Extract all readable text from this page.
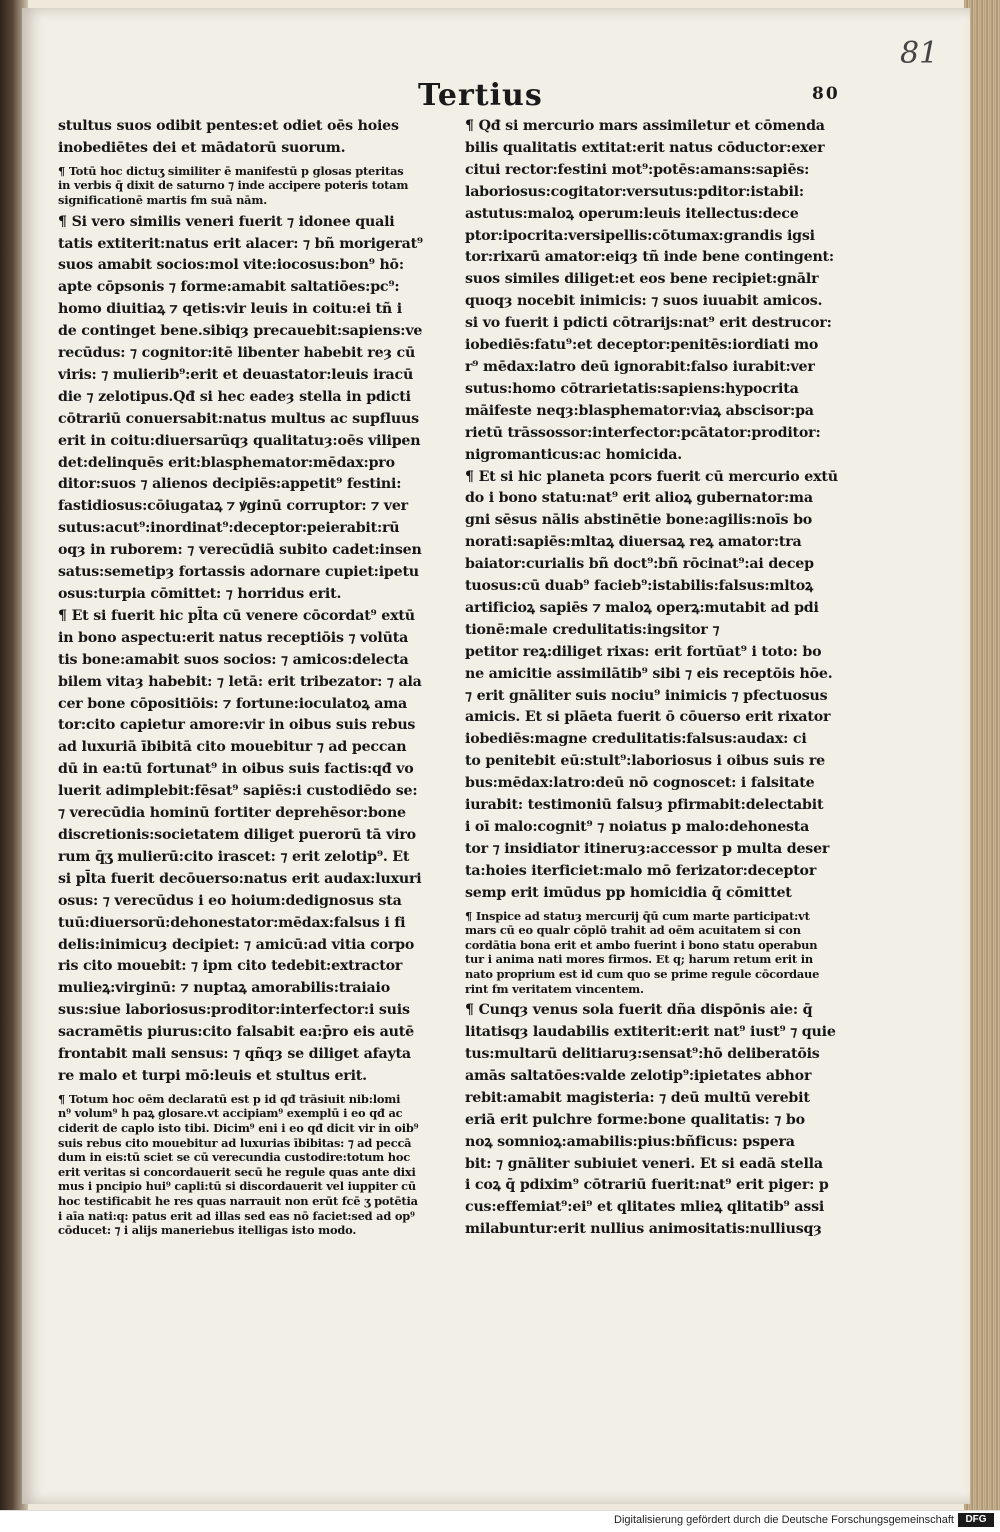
81
Tertius	80
stultus suos odibit pentes:et odiet oēs hoies
inobediētes dei et mādatorū suorum.
¶ Totū hoc dictuʒ similiter ē manifestū p glosas pteritas
in verbis q̄ dixit de saturno ⁊ inde accipere poteris totam
significationē martis fm suā nām.
¶ Si vero similis veneri fuerit ⁊ idonee quali
tatis extiterit:natus erit alacer: ⁊ bñ morigerat⁹
suos amabit socios:mol vite:iocosus:bon⁹ hō:
apte cōpsonis ⁊ forme:amabit saltatiōes:pc⁹:
homo diuitiaꝝ ⁊ qetis:vir leuis in coitu:ei tñ i
de continget bene.sibiqȝ precauebit:sapiens:ve
recūdus: ⁊ cognitor:itē libenter habebit reȝ cū
viris: ⁊ mulierib⁹:erit et deuastator:leuis iracū
die ⁊ zelotipus.Qđ si hec eadeȝ stella in pdicti
cōtrariū conuersabit:natus multus ac supfluus
erit in coitu:diuersarūqȝ qualitatuȝ:oēs vilipen
det:delinquēs erit:blasphemator:mēdax:pro
ditor:suos ⁊ alienos decipiēs:appetit⁹ festini:
fastidiosus:cōiugataꝝ ⁊ ꝟginū corruptor: ⁊ ver
sutus:acut⁹:inordinat⁹:deceptor:peierabit:rū
oqȝ in ruborem: ⁊ verecūdiā subito cadet:insen
satus:semetipȝ fortassis adornare cupiet:ipetu
osus:turpia cōmittet: ⁊ horridus erit.
¶ Et si fuerit hic pl̄ta cū venere cōcordat⁹ extū
in bono aspectu:erit natus receptiōis ⁊ volūta
tis bone:amabit suos socios: ⁊ amicos:delecta
bilem vitaȝ habebit: ⁊ letā: erit tribezator: ⁊ ala
cer bone cōpositiōis: ⁊ fortune:ioculatoꝝ ama
tor:cito capietur amore:vir in oibus suis rebus
ad luxuriā ībibitā cito mouebitur ⁊ ad peccan
dū in ea:tū fortunat⁹ in oibus suis factis:qđ vo
luerit adimplebit:fēsat⁹ sapiēs:i custodiēdo se:
⁊ verecūdia hominū fortiter deprehēsor:bone
discretionis:societatem diliget puerorū tā viro
rum q̄ʒ mulierū:cito irascet: ⁊ erit zelotip⁹. Et
si pl̄ta fuerit decōuerso:natus erit audax:luxuri
osus: ⁊ verecūdus i eo hoium:dedignosus sta
tuū:diuersorū:dehonestator:mēdax:falsus i fi
delis:inimicuȝ decipiet: ⁊ amicū:ad vitia corpo
ris cito mouebit: ⁊ ipm cito tedebit:extractor
mulieꝝ:virginū: ⁊ nuptaꝝ amorabilis:traiaio
sus:siue laboriosus:proditor:interfector:i suis
sacramētis piurus:cito falsabit ea:p̄ro eis autē
frontabit mali sensus: ⁊ qñqȝ se diliget afayta
re malo et turpi mō:leuis et stultus erit.
¶ Totum hoc oēm declaratū est p id qđ trāsiuit nib:lomi
n⁹ volum⁹ h paꝝ glosare.vt accipiam⁹ exemplū i eo qđ ac
ciderit de caplo isto tibi. Dicim⁹ eni i eo qđ dicit vir in oib⁹
suis rebus cito mouebitur ad luxurias ībibitas: ⁊ ad peccā
dum in eis:tū sciet se cū verecundia custodire:totum hoc
erit veritas si concordauerit secū he regule quas ante dixi
mus i pncipio hui⁹ capli:tū si discordauerit vel iuppiter cū
hoc testificabit he res quas narrauit non erūt fcē ʒ potētia
i aīa nati:q: patus erit ad illas sed eas nō faciet:sed ad op⁹
cōducet: ⁊ i alijs maneriebus itelligas isto modo.
¶ Qđ si mercurio mars assimiletur et cōmenda
bilis qualitatis extitat:erit natus cōductor:exer
citui rector:festini mot⁹:potēs:amans:sapiēs:
laboriosus:cogitator:versutus:pditor:istabil:
astutus:maloꝝ operum:leuis itellectus:dece
ptor:ipocrita:versipellis:cōtumax:grandis igsi
tor:rixarū amator:eiqȝ tñ inde bene contingent:
suos similes diliget:et eos bene recipiet:gnālr
quoqȝ nocebit inimicis: ⁊ suos iuuabit amicos.
si vo fuerit i pdicti cōtrarijs:nat⁹ erit destrucor:
iobediēs:fatu⁹:et deceptor:penitēs:iordiati mo
r⁹ mēdax:latro deū ignorabit:falso iurabit:ver
sutus:homo cōtrarietatis:sapiens:hypocrita
māifeste neqȝ:blasphemator:viaꝝ abscisor:pa
rietū trāssossor:interfector:pcātator:proditor:
nigromanticus:ac homicida.
¶ Et si hic planeta pcors fuerit cū mercurio extū
do i bono statu:nat⁹ erit alioꝝ gubernator:ma
gni sēsus nālis abstinētie bone:agilis:noīs bo
norati:sapiēs:mltaꝝ diuersaꝝ reꝝ amator:tra
baiator:curialis bñ doct⁹:bñ rōcinat⁹:ai decep
tuosus:cū duab⁹ facieb⁹:istabilis:falsus:mltoꝝ
artificioꝝ sapiēs ⁊ maloꝝ operꝝ:mutabit ad pdi
tionē:male credulitatis:ingsitor ⁊
petitor reꝝ:diliget rixas: erit fortūat⁹ i toto: bo
ne amicitie assimilātib⁹ sibi ⁊ eis receptōis hōe.
⁊ erit gnāliter suis nociu⁹ inimicis ⁊ pfectuosus
amicis. Et si plāeta fuerit ō cōuerso erit rixator
iobediēs:magne credulitatis:falsus:audax: ci
to penitebit eū:stult⁹:laboriosus i oibus suis re
bus:mēdax:latro:deū nō cognoscet: i falsitate
iurabit: testimoniū falsuȝ pfirmabit:delectabit
i oī malo:cognit⁹ ⁊ noiatus p malo:dehonesta
tor ⁊ insidiator itineruȝ:accessor p multa deser
ta:hoies iterficiet:malo mō ferizator:deceptor
semp erit imūdus pp homicidia q̄ cōmittet
¶ Inspice ad statuȝ mercurij q̄ū cum marte participat:vt
mars cū eo qualr cōplō trahit ad oēm acuitatem si con
cordātia bona erit et ambo fuerint i bono statu operabun
tur i anima nati mores firmos. Et q; harum retum erit in
nato proprium est id cum quo se prime regule cōcordaue
rint fm veritatem vincentem.
¶ Cunqȝ venus sola fuerit dña dispōnis aie: q̄
litatisqȝ laudabilis extiterit:erit nat⁹ iust⁹ ⁊ quie
tus:multarū delitiaruȝ:sensat⁹:hō deliberatōis
amās saltatōes:valde zelotip⁹:ipietates abhor
rebit:amabit magisteria: ⁊ deū multū verebit
eriā erit pulchre forme:bone qualitatis: ⁊ bo
noꝝ somnioꝝ:amabilis:pius:bñficus: pspera
bit: ⁊ gnāliter subiuiet veneri. Et si eadā stella
i coꝝ q̄ pdixim⁹ cōtrariū fuerit:nat⁹ erit piger: p
cus:effemiat⁹:ei⁹ et qlitates mlieꝝ qlitatib⁹ assi
milabuntur:erit nullius animositatis:nulliusqȝ
Digitalisierung gefördert durch die Deutsche Forschungsgemeinschaft	DFG
